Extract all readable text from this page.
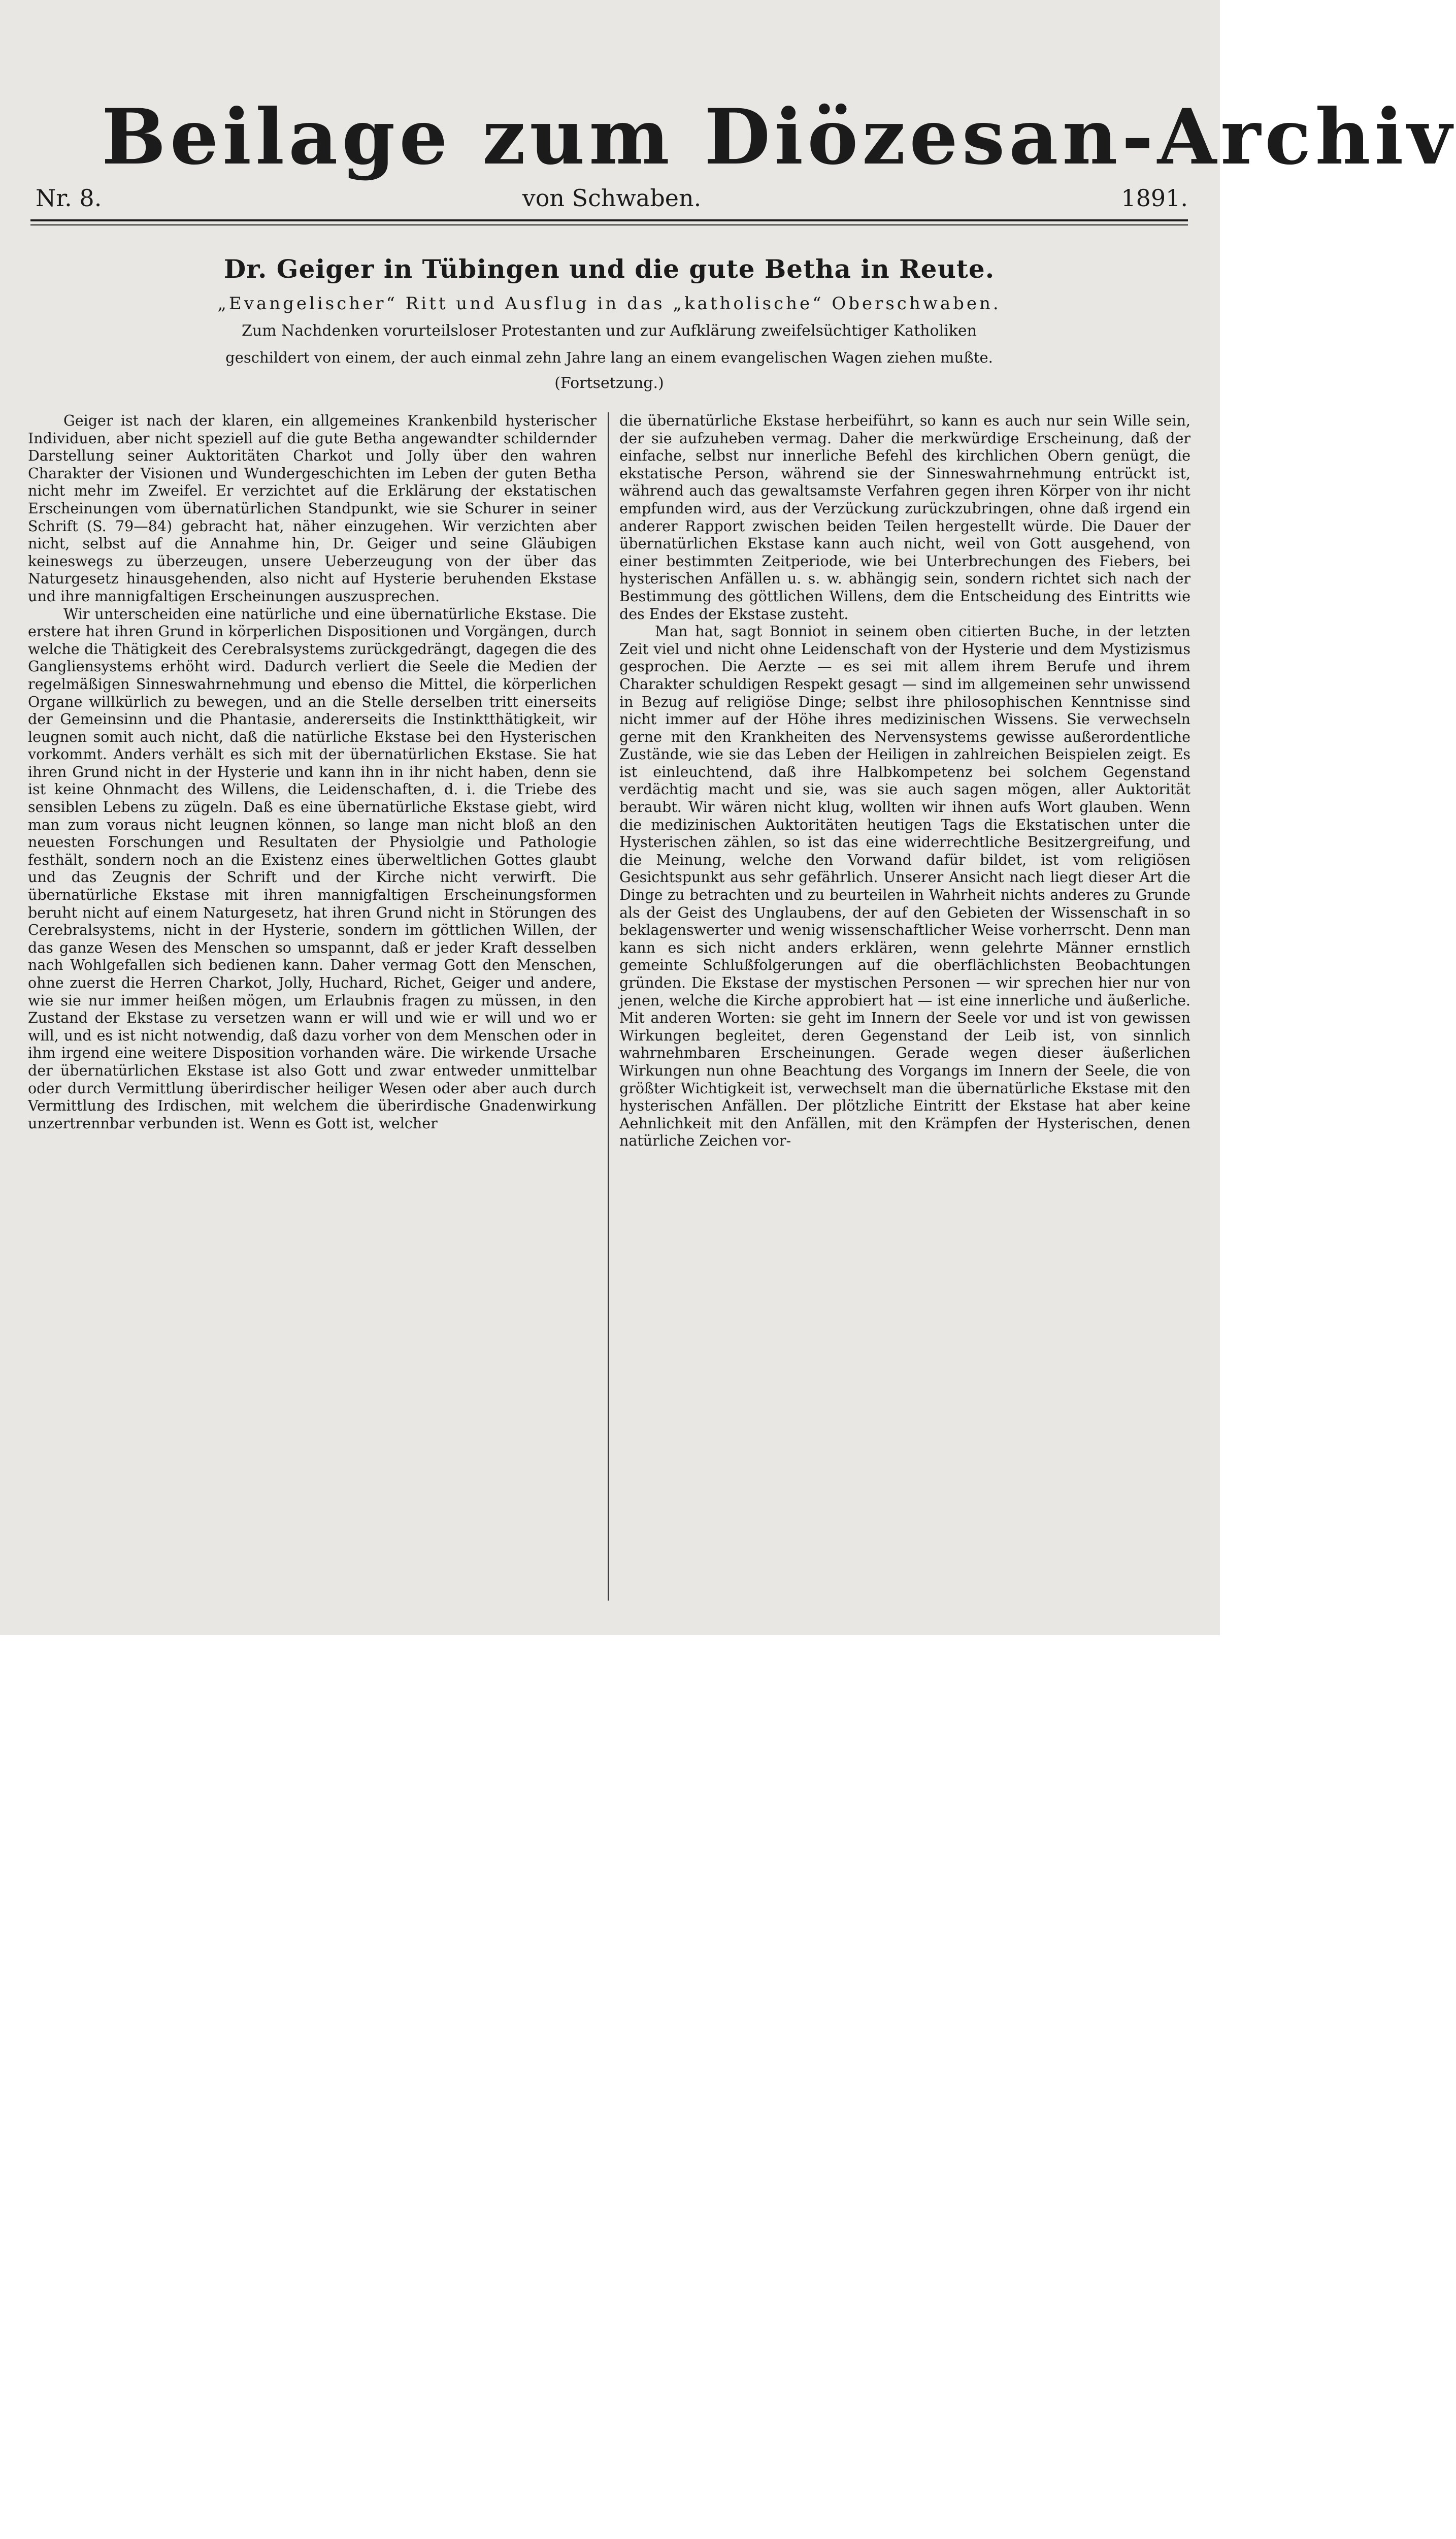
Beilage zum Diözesan-Archiv
Nr. 8.	von Schwaben.	1891.
Dr. Geiger in Tübingen und die gute Betha in Reute.
„Evangelischer“ Ritt und Ausflug in das „katholische“ Oberschwaben.
Zum Nachdenken vorurteilsloser Protestanten und zur Aufklärung zweifelsüchtiger Katholiken
geschildert von einem, der auch einmal zehn Jahre lang an einem evangelischen Wagen ziehen mußte.
(Fortsetzung.)

Geiger ist nach der klaren, ein allgemeines Krankenbild hysterischer Individuen, aber nicht speziell auf die gute Betha angewandter schildernder Darstellung seiner Auktoritäten Charkot und Jolly über den wahren Charakter der Visionen und Wundergeschichten im Leben der guten Betha nicht mehr im Zweifel. Er verzichtet auf die Erklärung der ekstatischen Erscheinungen vom übernatürlichen Standpunkt, wie sie Schurer in seiner Schrift (S. 79—84) gebracht hat, näher einzugehen. Wir verzichten aber nicht, selbst auf die Annahme hin, Dr. Geiger und seine Gläubigen keineswegs zu überzeugen, unsere Ueberzeugung von der über das Naturgesetz hinausgehenden, also nicht auf Hysterie beruhenden Ekstase und ihre mannigfaltigen Erscheinungen auszusprechen.

Wir unterscheiden eine natürliche und eine übernatürliche Ekstase. Die erstere hat ihren Grund in körperlichen Dispositionen und Vorgängen, durch welche die Thätigkeit des Cerebralsystems zurückgedrängt, dagegen die des Gangliensystems erhöht wird. Dadurch verliert die Seele die Medien der regelmäßigen Sinneswahrnehmung und ebenso die Mittel, die körperlichen Organe willkürlich zu bewegen, und an die Stelle derselben tritt einerseits der Gemeinsinn und die Phantasie, andererseits die Instinktthätigkeit, wir leugnen somit auch nicht, daß die natürliche Ekstase bei den Hysterischen vorkommt. Anders verhält es sich mit der übernatürlichen Ekstase. Sie hat ihren Grund nicht in der Hysterie und kann ihn in ihr nicht haben, denn sie ist keine Ohnmacht des Willens, die Leidenschaften, d. i. die Triebe des sensiblen Lebens zu zügeln. Daß es eine übernatürliche Ekstase giebt, wird man zum voraus nicht leugnen können, so lange man nicht bloß an den neuesten Forschungen und Resultaten der Physiolgie und Pathologie festhält, sondern noch an die Existenz eines überweltlichen Gottes glaubt und das Zeugnis der Schrift und der Kirche nicht verwirft. Die übernatürliche Ekstase mit ihren mannigfaltigen Erscheinungsformen beruht nicht auf einem Naturgesetz, hat ihren Grund nicht in Störungen des Cerebralsystems, nicht in der Hysterie, sondern im göttlichen Willen, der das ganze Wesen des Menschen so umspannt, daß er jeder Kraft desselben nach Wohlgefallen sich bedienen kann. Daher vermag Gott den Menschen, ohne zuerst die Herren Charkot, Jolly, Huchard, Richet, Geiger und andere, wie sie nur immer heißen mögen, um Erlaubnis fragen zu müssen, in den Zustand der Ekstase zu versetzen wann er will und wie er will und wo er will, und es ist nicht notwendig, daß dazu vorher von dem Menschen oder in ihm irgend eine weitere Disposition vorhanden wäre. Die wirkende Ursache der übernatürlichen Ekstase ist also Gott und zwar entweder unmittelbar oder durch Vermittlung überirdischer heiliger Wesen oder aber auch durch Vermittlung des Irdischen, mit welchem die überirdische Gnadenwirkung unzertrennbar verbunden ist. Wenn es Gott ist, welcher

die übernatürliche Ekstase herbeiführt, so kann es auch nur sein Wille sein, der sie aufzuheben vermag. Daher die merkwürdige Erscheinung, daß der einfache, selbst nur innerliche Befehl des kirchlichen Obern genügt, die ekstatische Person, während sie der Sinneswahrnehmung entrückt ist, während auch das gewaltsamste Verfahren gegen ihren Körper von ihr nicht empfunden wird, aus der Verzückung zurückzubringen, ohne daß irgend ein anderer Rapport zwischen beiden Teilen hergestellt würde. Die Dauer der übernatürlichen Ekstase kann auch nicht, weil von Gott ausgehend, von einer bestimmten Zeitperiode, wie bei Unterbrechungen des Fiebers, bei hysterischen Anfällen u. s. w. abhängig sein, sondern richtet sich nach der Bestimmung des göttlichen Willens, dem die Entscheidung des Eintritts wie des Endes der Ekstase zusteht.

Man hat, sagt Bonniot in seinem oben citierten Buche, in der letzten Zeit viel und nicht ohne Leidenschaft von der Hysterie und dem Mystizismus gesprochen. Die Aerzte — es sei mit allem ihrem Berufe und ihrem Charakter schuldigen Respekt gesagt — sind im allgemeinen sehr unwissend in Bezug auf religiöse Dinge; selbst ihre philosophischen Kenntnisse sind nicht immer auf der Höhe ihres medizinischen Wissens. Sie verwechseln gerne mit den Krankheiten des Nervensystems gewisse außerordentliche Zustände, wie sie das Leben der Heiligen in zahlreichen Beispielen zeigt. Es ist einleuchtend, daß ihre Halbkompetenz bei solchem Gegenstand verdächtig macht und sie, was sie auch sagen mögen, aller Auktorität beraubt. Wir wären nicht klug, wollten wir ihnen aufs Wort glauben. Wenn die medizinischen Auktoritäten heutigen Tags die Ekstatischen unter die Hysterischen zählen, so ist das eine widerrechtliche Besitzergreifung, und die Meinung, welche den Vorwand dafür bildet, ist vom religiösen Gesichtspunkt aus sehr gefährlich. Unserer Ansicht nach liegt dieser Art die Dinge zu betrachten und zu beurteilen in Wahrheit nichts anderes zu Grunde als der Geist des Unglaubens, der auf den Gebieten der Wissenschaft in so beklagenswerter und wenig wissenschaftlicher Weise vorherrscht. Denn man kann es sich nicht anders erklären, wenn gelehrte Männer ernstlich gemeinte Schlußfolgerungen auf die oberflächlichsten Beobachtungen gründen. Die Ekstase der mystischen Personen — wir sprechen hier nur von jenen, welche die Kirche approbiert hat — ist eine innerliche und äußerliche. Mit anderen Worten: sie geht im Innern der Seele vor und ist von gewissen Wirkungen begleitet, deren Gegenstand der Leib ist, von sinnlich wahrnehmbaren Erscheinungen. Gerade wegen dieser äußerlichen Wirkungen nun ohne Beachtung des Vorgangs im Innern der Seele, die von größter Wichtigkeit ist, verwechselt man die übernatürliche Ekstase mit den hysterischen Anfällen. Der plötzliche Eintritt der Ekstase hat aber keine Aehnlichkeit mit den Anfällen, mit den Krämpfen der Hysterischen, denen natürliche Zeichen vor-
